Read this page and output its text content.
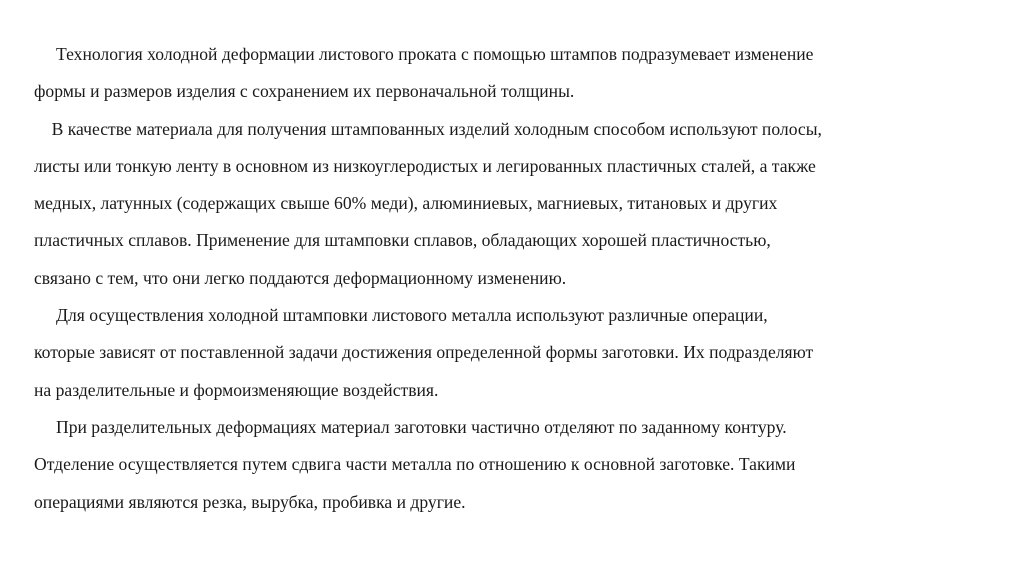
Технология холодной деформации листового проката с помощью штампов подразумевает изменение
формы и размеров изделия с сохранением их первоначальной толщины.
В качестве материала для получения штампованных изделий холодным способом используют полосы,
листы или тонкую ленту в основном из низкоуглеродистых и легированных пластичных сталей, а также
медных, латунных (содержащих свыше 60% меди), алюминиевых, магниевых, титановых и других
пластичных сплавов. Применение для штамповки сплавов, обладающих хорошей пластичностью,
связано с тем, что они легко поддаются деформационному изменению.
Для осуществления холодной штамповки листового металла используют различные операции,
которые зависят от поставленной задачи достижения определенной формы заготовки. Их подразделяют
на разделительные и формоизменяющие воздействия.
При разделительных деформациях материал заготовки частично отделяют по заданному контуру.
Отделение осуществляется путем сдвига части металла по отношению к основной заготовке. Такими
операциями являются резка, вырубка, пробивка и другие.
